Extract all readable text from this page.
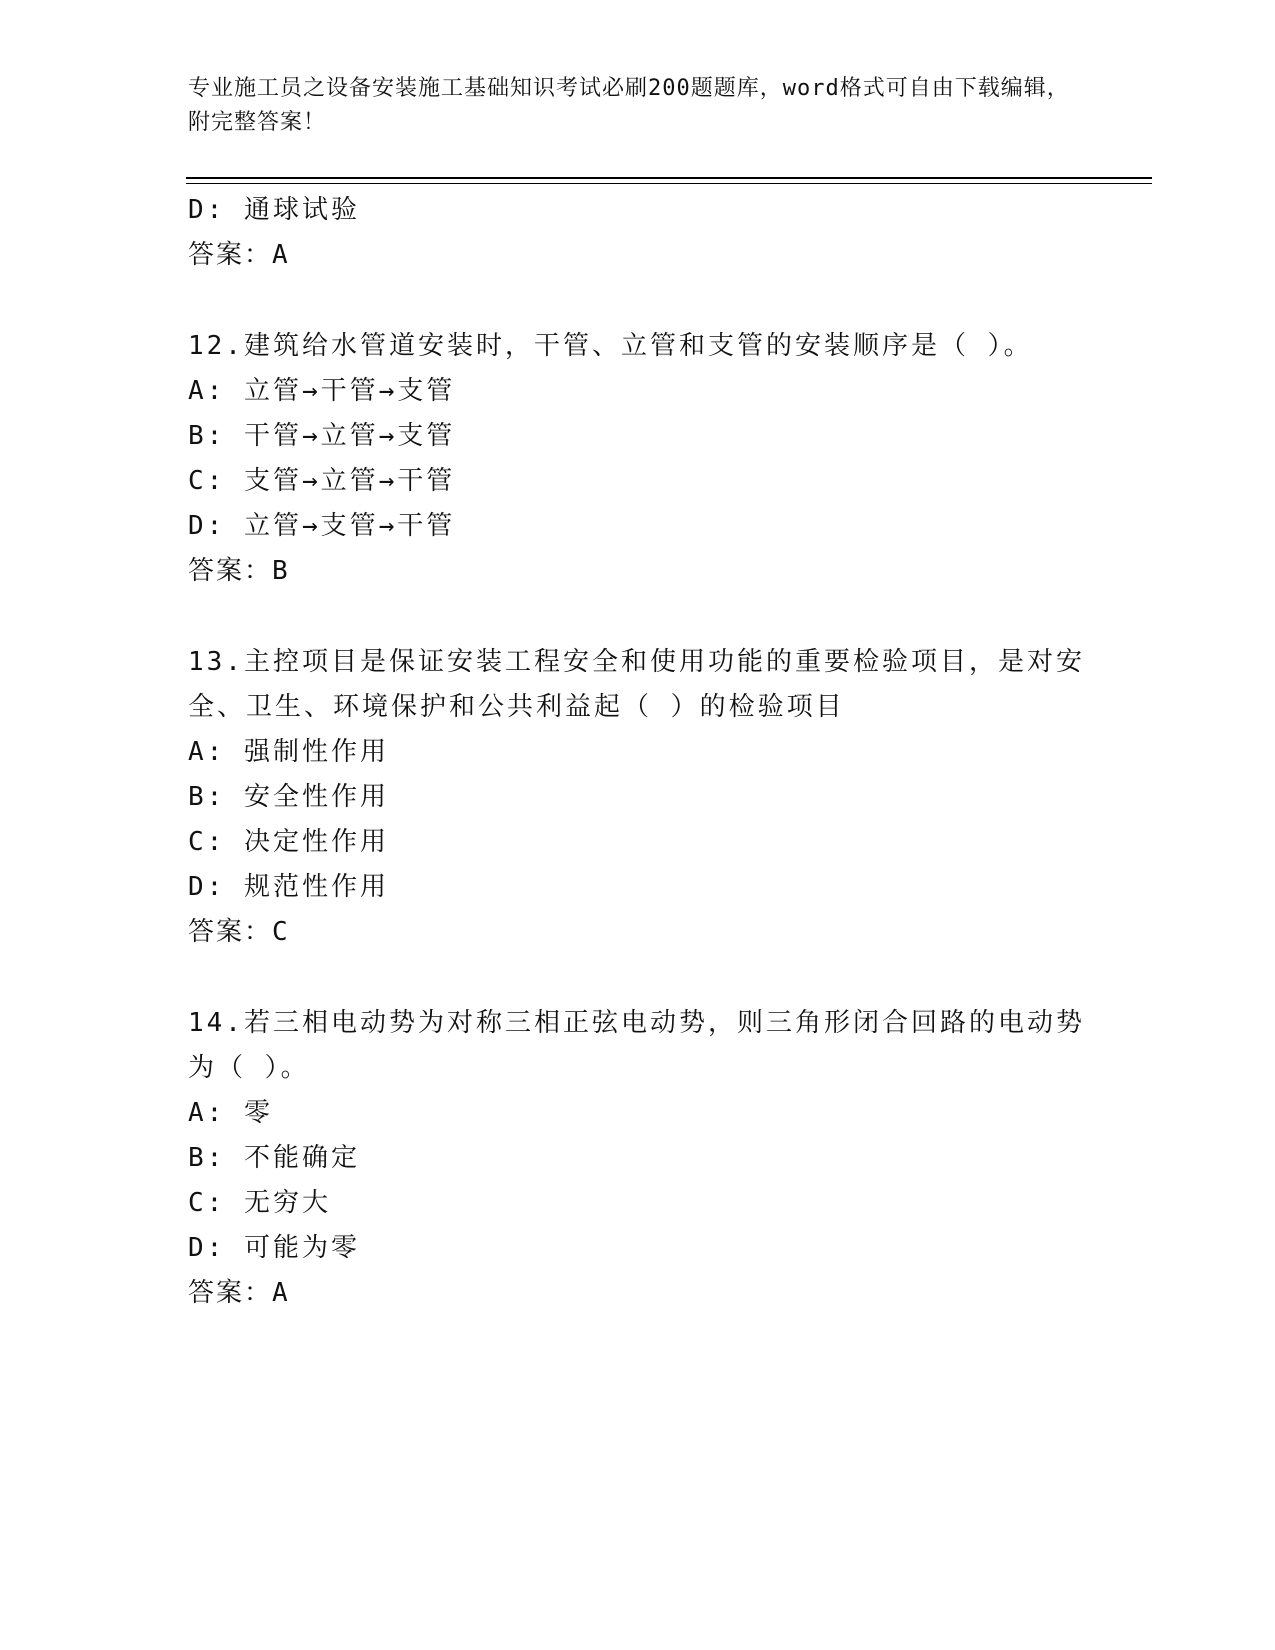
专业施工员之设备安装施工基础知识考试必刷200题题库，word格式可自由下载编辑，附完整答案！
D: 通球试验
答案：A
12.建筑给水管道安装时，干管、立管和支管的安装顺序是（ ）。
A: 立管→干管→支管
B: 干管→立管→支管
C: 支管→立管→干管
D: 立管→支管→干管
答案：B
13.主控项目是保证安装工程安全和使用功能的重要检验项目，是对安全、卫生、环境保护和公共利益起（ ）的检验项目
A: 强制性作用
B: 安全性作用
C: 决定性作用
D: 规范性作用
答案：C
14.若三相电动势为对称三相正弦电动势，则三角形闭合回路的电动势为（ ）。
A: 零
B: 不能确定
C: 无穷大
D: 可能为零
答案：A
